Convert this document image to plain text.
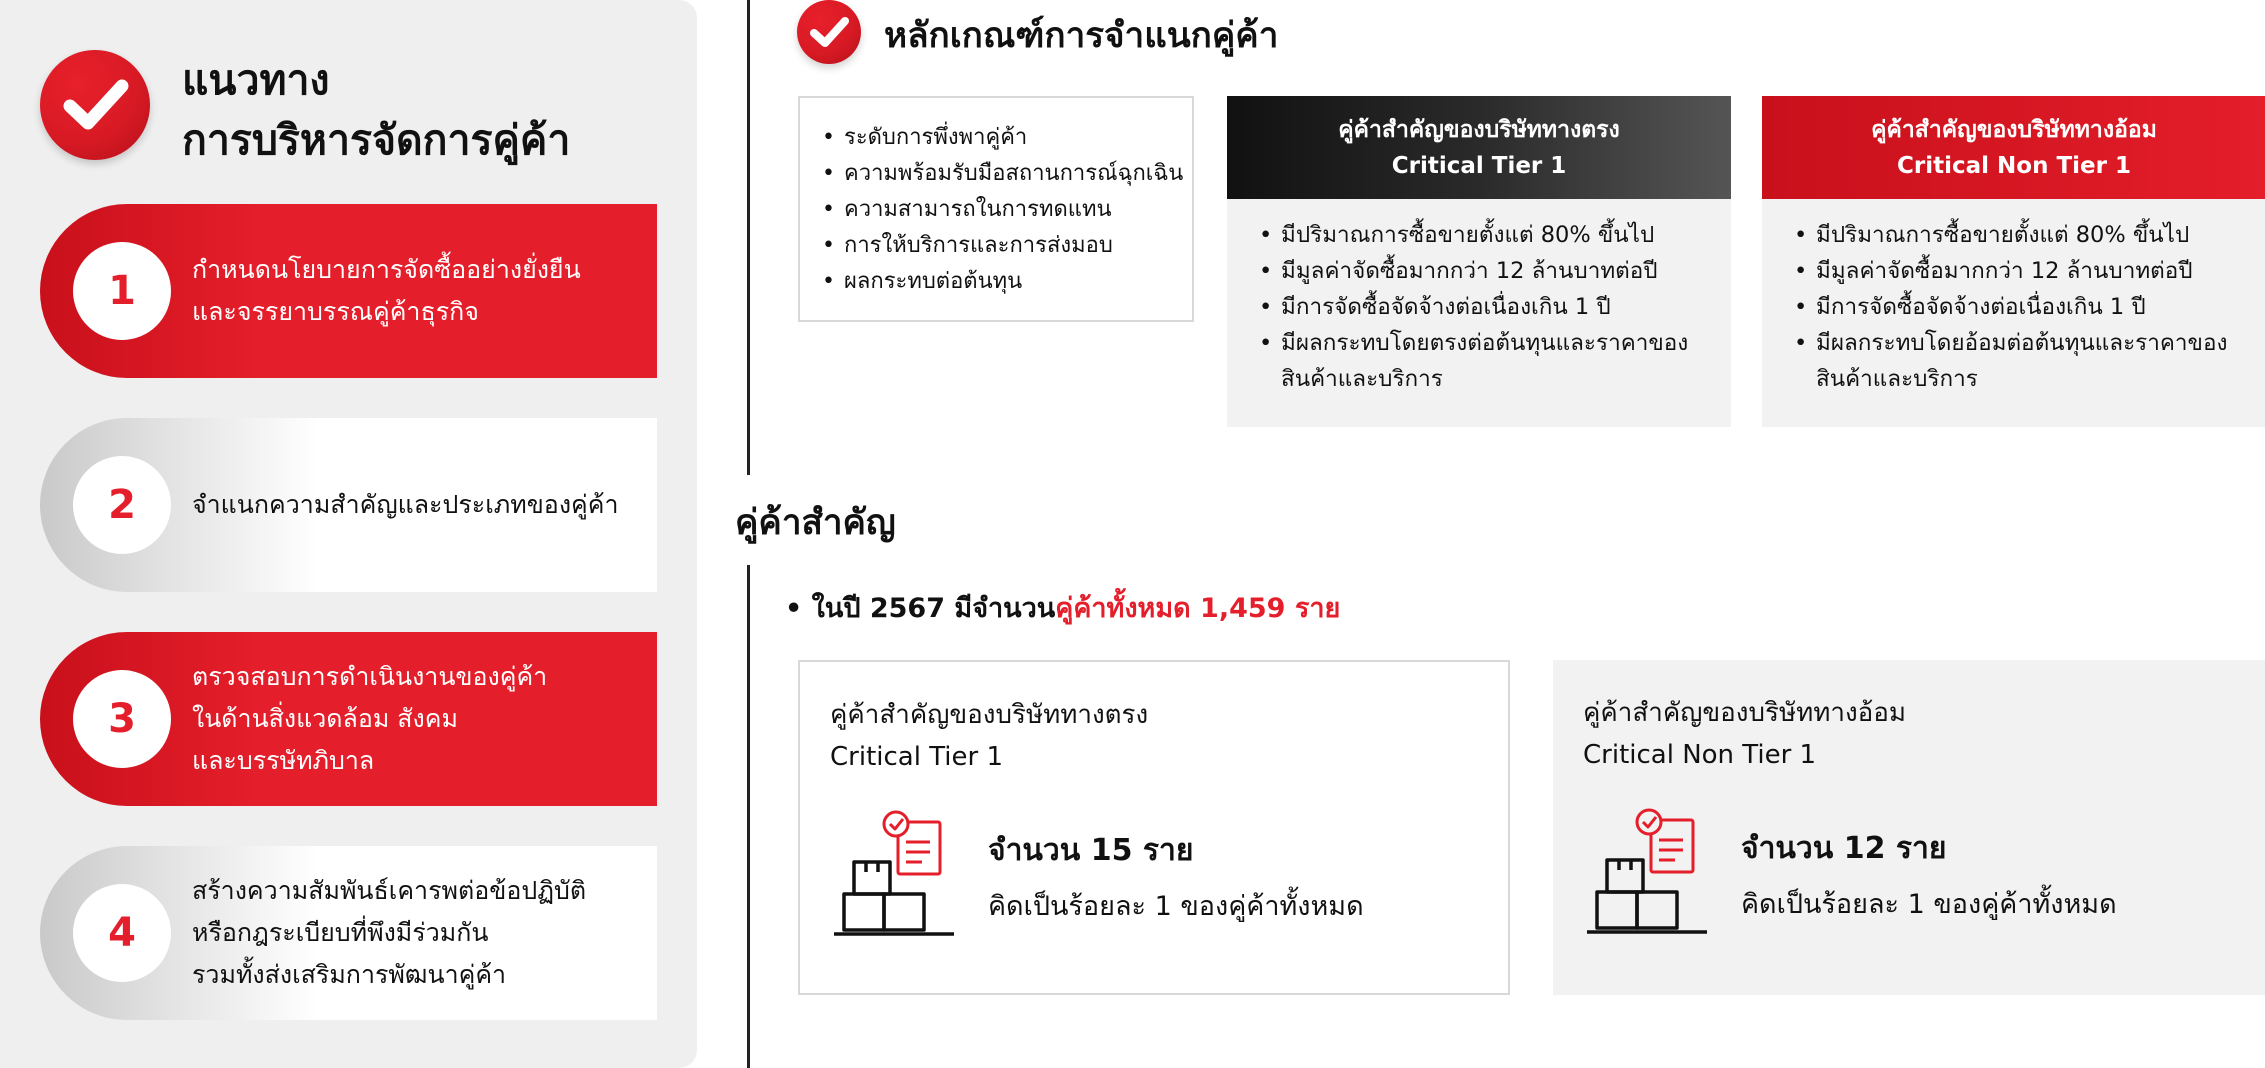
แนวทาง
การบริหารจัดการคู่ค้า
1	กำหนดนโยบายการจัดซื้ออย่างยั่งยืน
และจรรยาบรรณคู่ค้าธุรกิจ
2	จำแนกความสำคัญและประเภทของคู่ค้า
3
ตรวจสอบการดำเนินงานของคู่ค้า
ในด้านสิ่งแวดล้อม สังคม
และบรรษัทภิบาล
4
สร้างความสัมพันธ์เคารพต่อข้อปฏิบัติ
หรือกฎระเบียบที่พึงมีร่วมกัน
รวมทั้งส่งเสริมการพัฒนาคู่ค้า
หลักเกณฑ์การจำแนกคู่ค้า
• ระดับการพึ่งพาคู่ค้า
• ความพร้อมรับมือสถานการณ์ฉุกเฉิน
• ความสามารถในการทดแทน
• การให้บริการและการส่งมอบ
• ผลกระทบต่อต้นทุน
คู่ค้าสำคัญของบริษัททางตรง
Critical Tier 1
• มีปริมาณการซื้อขายตั้งแต่ 80% ขึ้นไป
• มีมูลค่าจัดซื้อมากกว่า 12 ล้านบาทต่อปี
• มีการจัดซื้อจัดจ้างต่อเนื่องเกิน 1 ปี
• มีผลกระทบโดยตรงต่อต้นทุนและราคาของสินค้าและบริการ
คู่ค้าสำคัญของบริษัททางอ้อม
Critical Non Tier 1
• มีปริมาณการซื้อขายตั้งแต่ 80% ขึ้นไป
• มีมูลค่าจัดซื้อมากกว่า 12 ล้านบาทต่อปี
• มีการจัดซื้อจัดจ้างต่อเนื่องเกิน 1 ปี
• มีผลกระทบโดยอ้อมต่อต้นทุนและราคาของสินค้าและบริการ
คู่ค้าสำคัญ
• ในปี 2567 มีจำนวนคู่ค้าทั้งหมด 1,459 ราย
คู่ค้าสำคัญของบริษัททางตรง
Critical Tier 1
จำนวน 15 ราย
คิดเป็นร้อยละ 1 ของคู่ค้าทั้งหมด
คู่ค้าสำคัญของบริษัททางอ้อม
Critical Non Tier 1
จำนวน 12 ราย
คิดเป็นร้อยละ 1 ของคู่ค้าทั้งหมด
